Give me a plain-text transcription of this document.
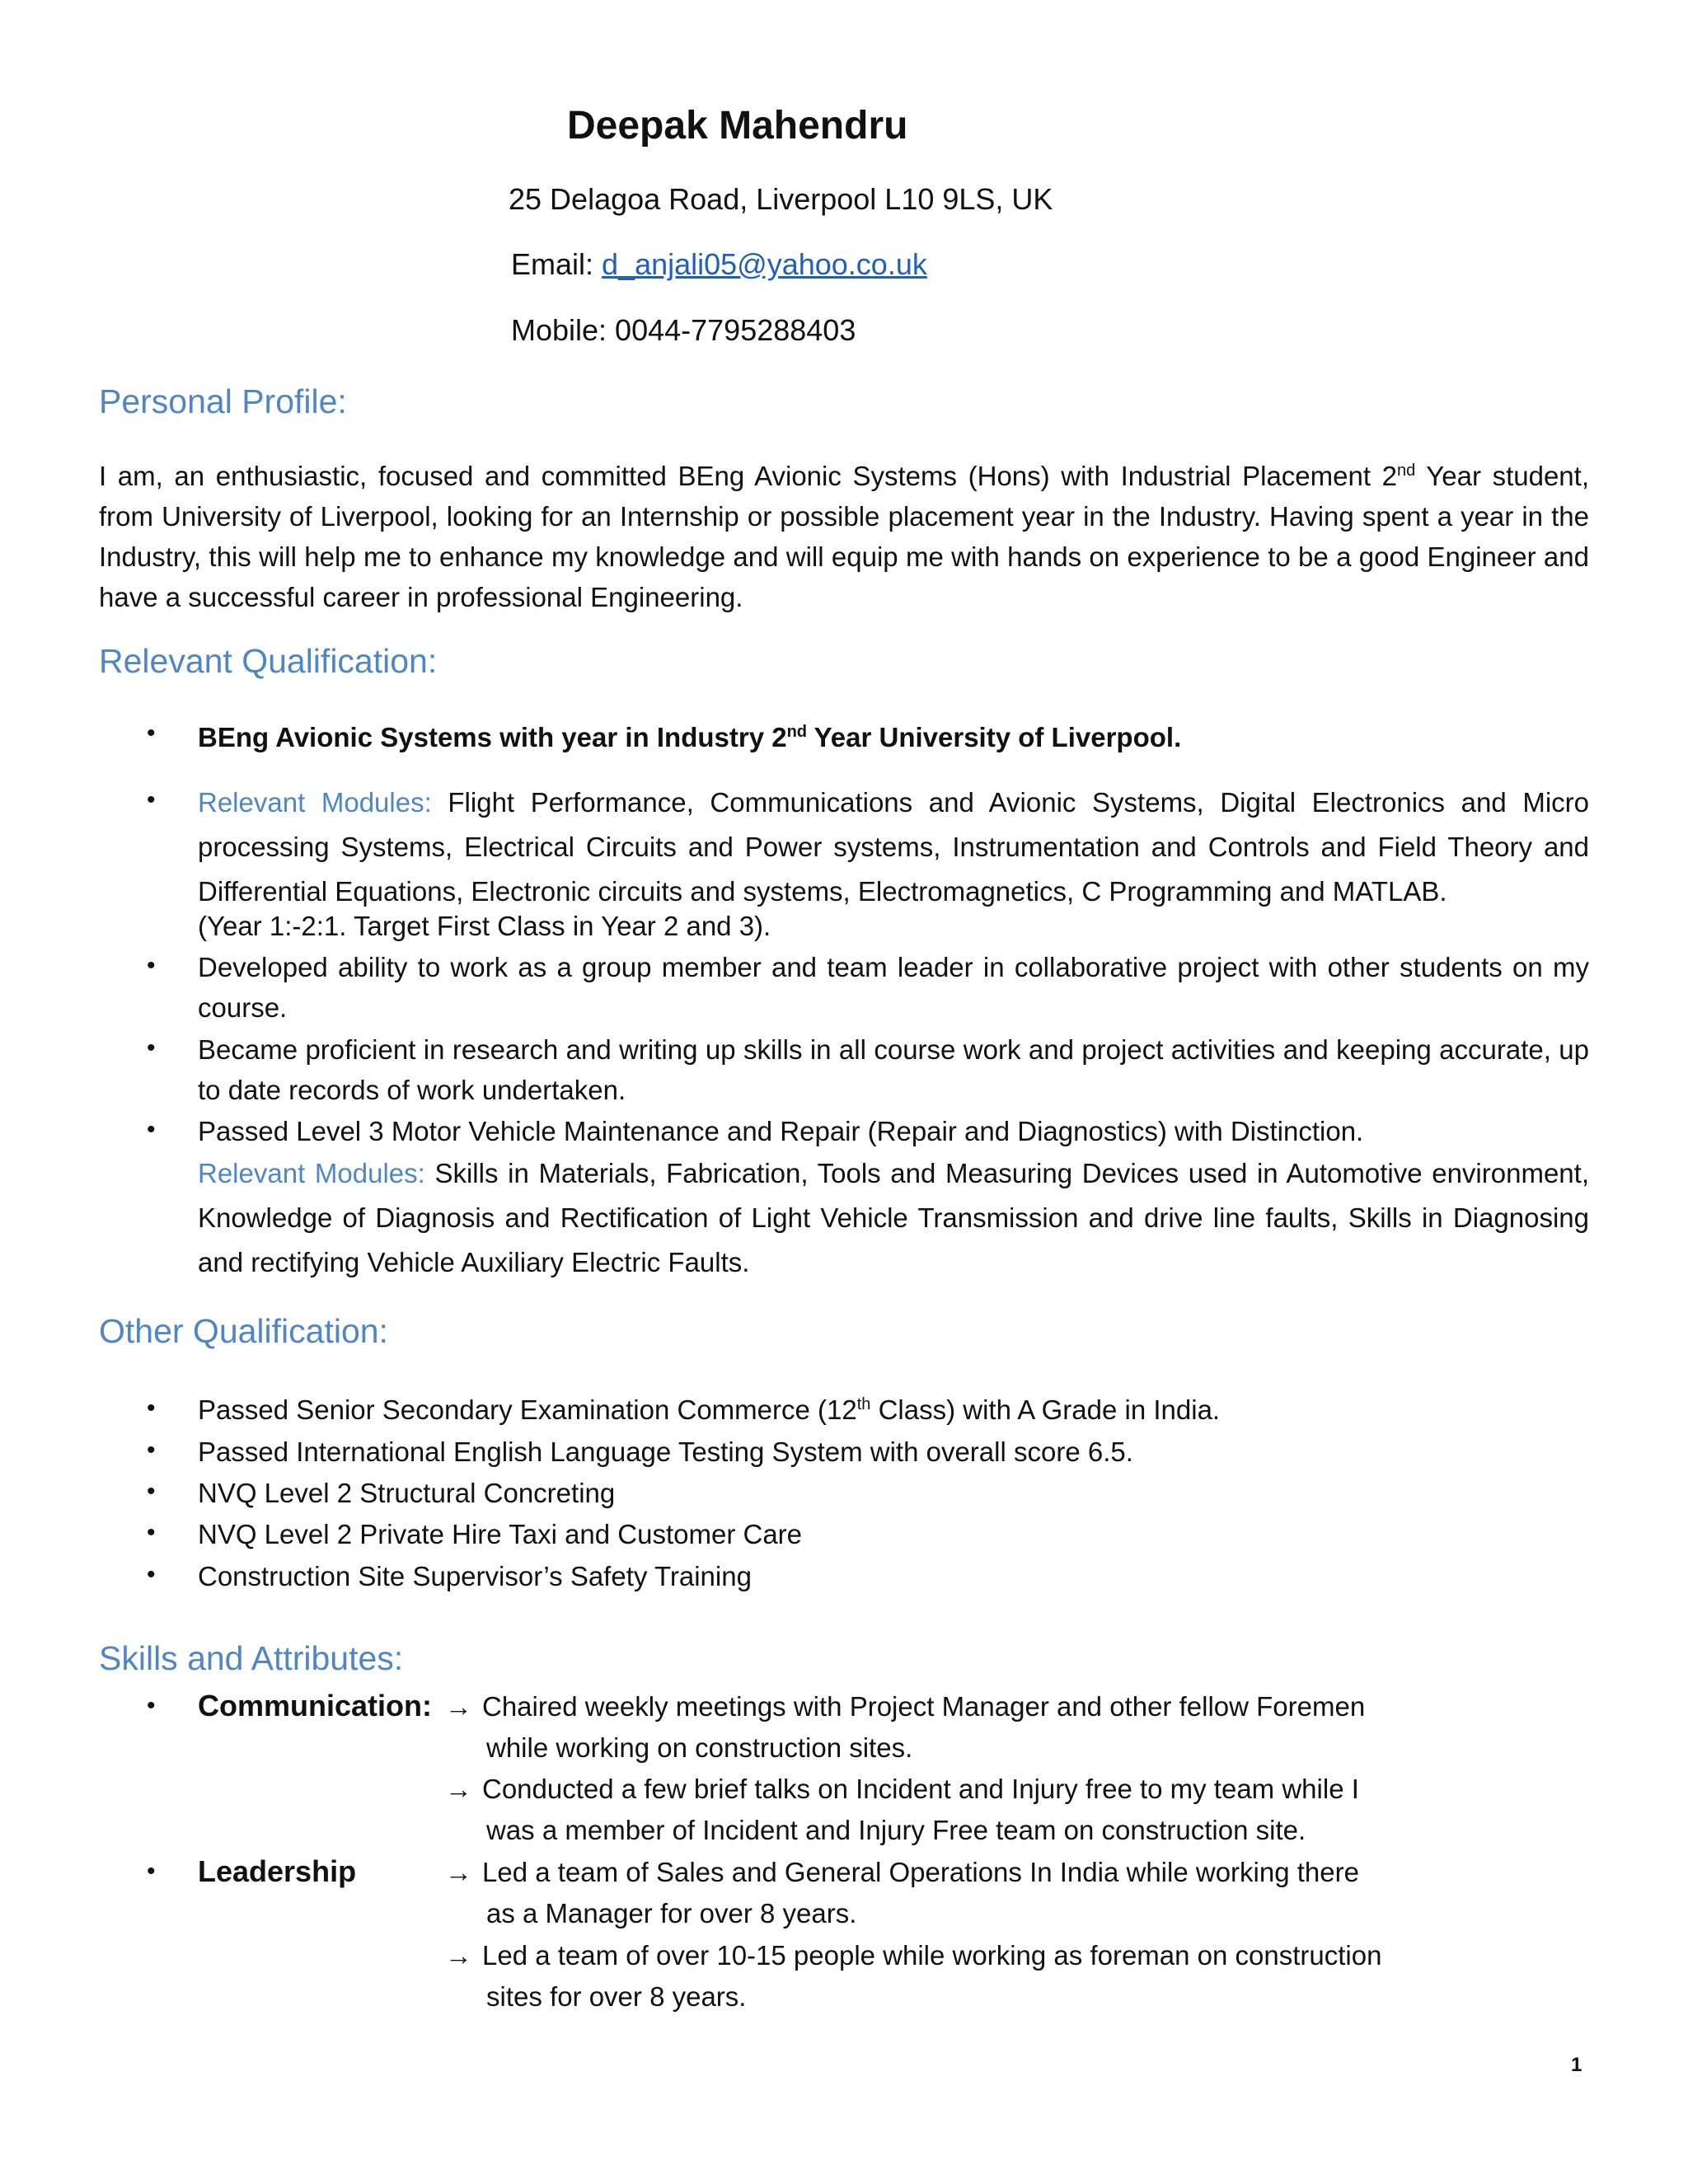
Deepak Mahendru
25 Delagoa Road, Liverpool L10 9LS, UK
Email: d_anjali05@yahoo.co.uk
Mobile: 0044-7795288403
Personal Profile:
I am, an enthusiastic, focused and committed BEng Avionic Systems (Hons) with Industrial Placement 2nd Year student, from University of Liverpool, looking for an Internship or possible placement year in the Industry. Having spent a year in the Industry, this will help me to enhance my knowledge and will equip me with hands on experience to be a good Engineer and have a successful career in professional Engineering.
Relevant Qualification:
• BEng Avionic Systems with year in Industry 2nd Year University of Liverpool.
• Relevant Modules: Flight Performance, Communications and Avionic Systems, Digital Electronics and Micro processing Systems, Electrical Circuits and Power systems, Instrumentation and Controls and Field Theory and Differential Equations, Electronic circuits and systems, Electromagnetics, C Programming and MATLAB.
(Year 1:-2:1. Target First Class in Year 2 and 3).
• Developed ability to work as a group member and team leader in collaborative project with other students on my course.
• Became proficient in research and writing up skills in all course work and project activities and keeping accurate, up to date records of work undertaken.
• Passed Level 3 Motor Vehicle Maintenance and Repair (Repair and Diagnostics) with Distinction.
Relevant Modules: Skills in Materials, Fabrication, Tools and Measuring Devices used in Automotive environment, Knowledge of Diagnosis and Rectification of Light Vehicle Transmission and drive line faults, Skills in Diagnosing and rectifying Vehicle Auxiliary Electric Faults.
Other Qualification:
• Passed Senior Secondary Examination Commerce (12th Class) with A Grade in India.
• Passed International English Language Testing System with overall score 6.5.
• NVQ Level 2 Structural Concreting
• NVQ Level 2 Private Hire Taxi and Customer Care
• Construction Site Supervisor’s Safety Training
Skills and Attributes:
• Communication: → Chaired weekly meetings with Project Manager and other fellow Foremen
while working on construction sites.
→ Conducted a few brief talks on Incident and Injury free to my team while I
was a member of Incident and Injury Free team on construction site.
• Leadership	→ Led a team of Sales and General Operations In India while working there
as a Manager for over 8 years.
→ Led a team of over 10-15 people while working as foreman on construction
sites for over 8 years.
1
